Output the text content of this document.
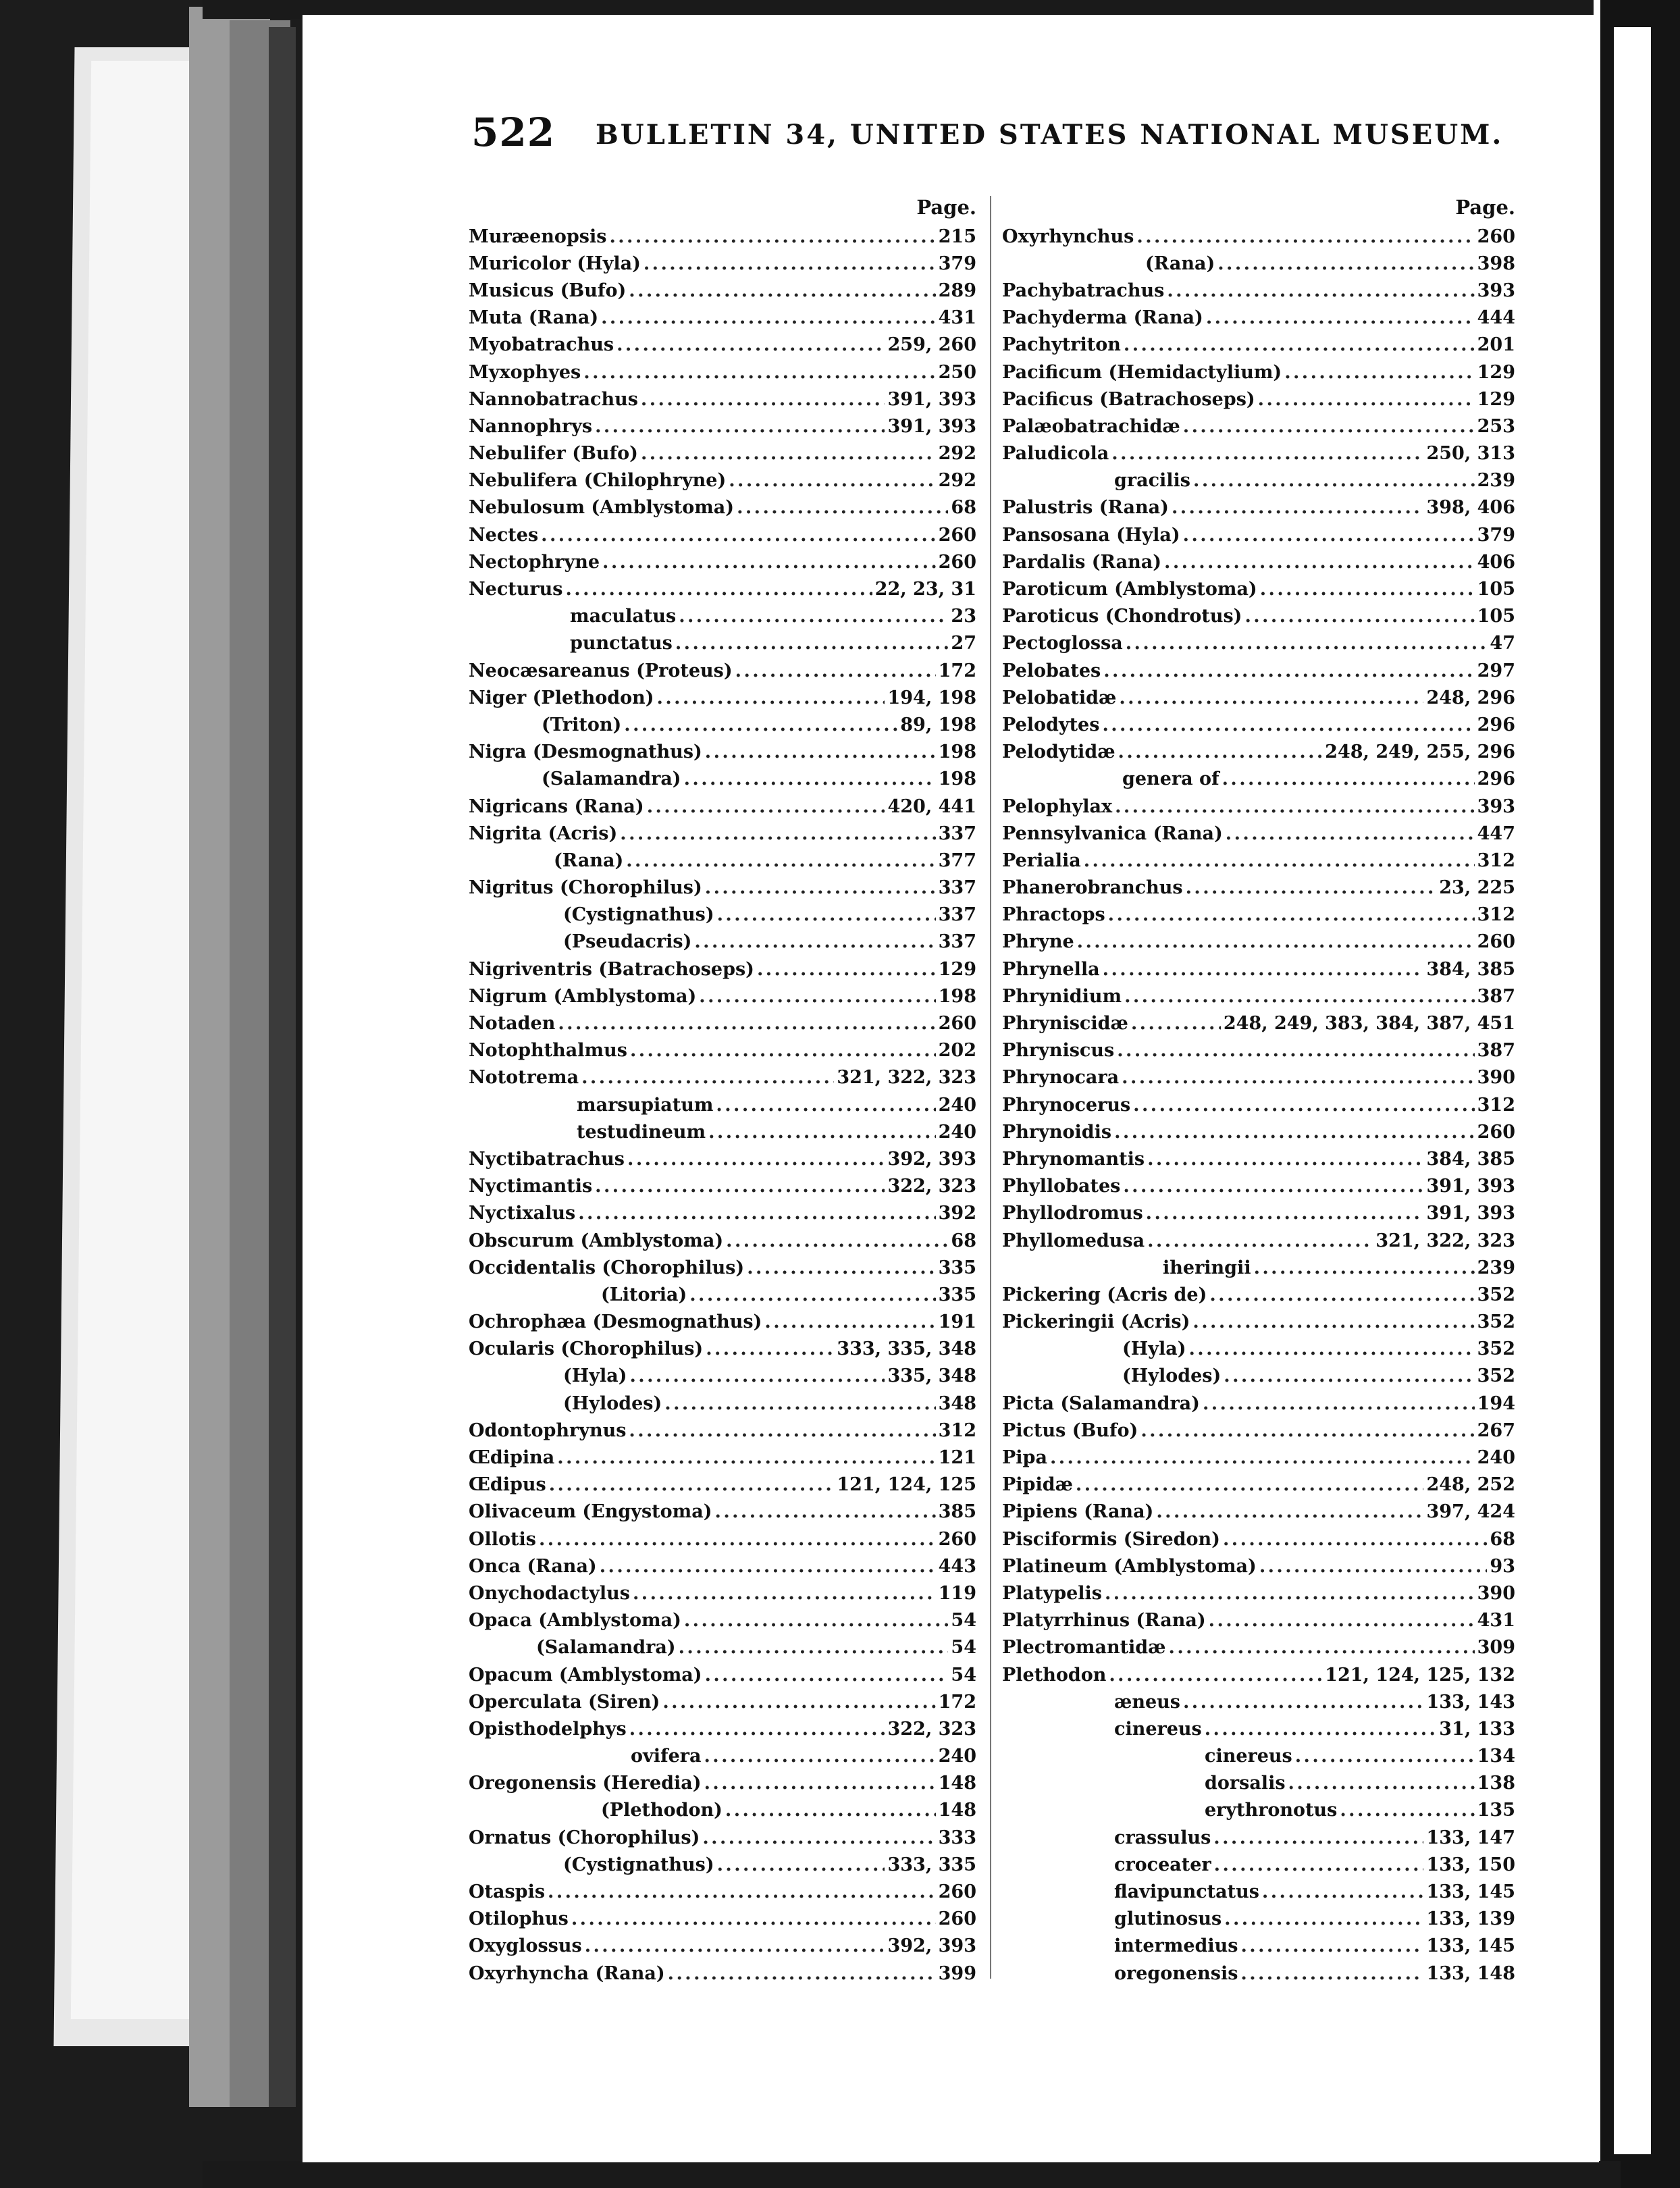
522 BULLETIN 34, UNITED STATES NATIONAL MUSEUM.
Page.
Muræenopsis . . .	215
Muricolor (Hyla) . . .	379
Musicus (Bufo) . . .	289
Muta (Rana) . . .	431
Myobatrachus . . .	259, 260
Myxophyes . . .	250
Nannobatrachus . . .	391, 393
Nannophrys . . .	391, 393
Nebulifer (Bufo) . . .	292
Nebulifera (Chilophryne) . . .	292
Nebulosum (Amblystoma) . . .	68
Nectes . . .	260
Nectophryne . . .	260
Necturus . . .	22, 23, 31
maculatus . . .	23
punctatus . . .	27
Neocæsareanus (Proteus) . . .	172
Niger (Plethodon) . . .	194, 198
(Triton) . . .	89, 198
Nigra (Desmognathus) . . .	198
(Salamandra) . . .	198
Nigricans (Rana) . . .	420, 441
Nigrita (Acris) . . .	337
(Rana) . . .	377
Nigritus (Chorophilus) . . .	337
(Cystignathus) . . .	337
(Pseudacris) . . .	337
Nigriventris (Batrachoseps) . . .	129
Nigrum (Amblystoma) . . .	198
Notaden . . .	260
Notophthalmus . . .	202
Nototrema . . .	321, 322, 323
marsupiatum . . .	240
testudineum . . .	240
Nyctibatrachus . . .	392, 393
Nyctimantis . . .	322, 323
Nyctixalus . . .	392
Obscurum (Amblystoma) . . .	68
Occidentalis (Chorophilus) . . .	335
(Litoria) . . .	335
Ochrophæa (Desmognathus) . . .	191
Ocularis (Chorophilus) . . .	333, 335, 348
(Hyla) . . .	335, 348
(Hylodes) . . .	348
Odontophrynus . . .	312
Œdipina . . .	121
Œdipus . . .	121, 124, 125
Olivaceum (Engystoma) . . .	385
Ollotis . . .	260
Onca (Rana) . . .	443
Onychodactylus . . .	119
Opaca (Amblystoma) . . .	54
(Salamandra) . . .	54
Opacum (Amblystoma) . . .	54
Operculata (Siren) . . .	172
Opisthodelphys . . .	322, 323
ovifera . . .	240
Oregonensis (Heredia) . . .	148
(Plethodon) . . .	148
Ornatus (Chorophilus) . . .	333
(Cystignathus) . . .	333, 335
Otaspis . . .	260
Otilophus . . .	260
Oxyglossus . . .	392, 393
Oxyrhyncha (Rana) . . .	399
Page.
Oxyrhynchus . . .	260
(Rana) . . .	398
Pachybatrachus . . .	393
Pachyderma (Rana) . . .	444
Pachytriton . . .	201
Pacificum (Hemidactylium) . . .	129
Pacificus (Batrachoseps) . . .	129
Palæobatrachidæ . . .	253
Paludicola . . .	250, 313
gracilis . . .	239
Palustris (Rana) . . .	398, 406
Pansosana (Hyla) . . .	379
Pardalis (Rana) . . .	406
Paroticum (Amblystoma) . . .	105
Paroticus (Chondrotus) . . .	105
Pectoglossa . . .	47
Pelobates . . .	297
Pelobatidæ . . .	248, 296
Pelodytes . . .	296
Pelodytidæ . . .	248, 249, 255, 296
genera of . . .	296
Pelophylax . . .	393
Pennsylvanica (Rana) . . .	447
Perialia . . .	312
Phanerobranchus . . .	23, 225
Phractops . . .	312
Phryne . . .	260
Phrynella . . .	384, 385
Phrynidium . . .	387
Phryniscidæ . . .	248, 249, 383, 384, 387, 451
Phryniscus . . .	387
Phrynocara . . .	390
Phrynocerus . . .	312
Phrynoidis . . .	260
Phrynomantis . . .	384, 385
Phyllobates . . .	391, 393
Phyllodromus . . .	391, 393
Phyllomedusa . . .	321, 322, 323
iheringii . . .	239
Pickering (Acris de) . . .	352
Pickeringii (Acris) . . .	352
(Hyla) . . .	352
(Hylodes) . . .	352
Picta (Salamandra) . . .	194
Pictus (Bufo) . . .	267
Pipa . . .	240
Pipidæ . . .	248, 252
Pipiens (Rana) . . .	397, 424
Pisciformis (Siredon) . . .	68
Platineum (Amblystoma) . . .	93
Platypelis . . .	390
Platyrrhinus (Rana) . . .	431
Plectromantidæ . . .	309
Plethodon . . .	121, 124, 125, 132
æneus . . .	133, 143
cinereus . . .	31, 133
cinereus . . .	134
dorsalis . . .	138
erythronotus . . .	135
crassulus . . .	133, 147
croceater . . .	133, 150
flavipunctatus . . .	133, 145
glutinosus . . .	133, 139
intermedius . . .	133, 145
oregonensis . . .	133, 148
